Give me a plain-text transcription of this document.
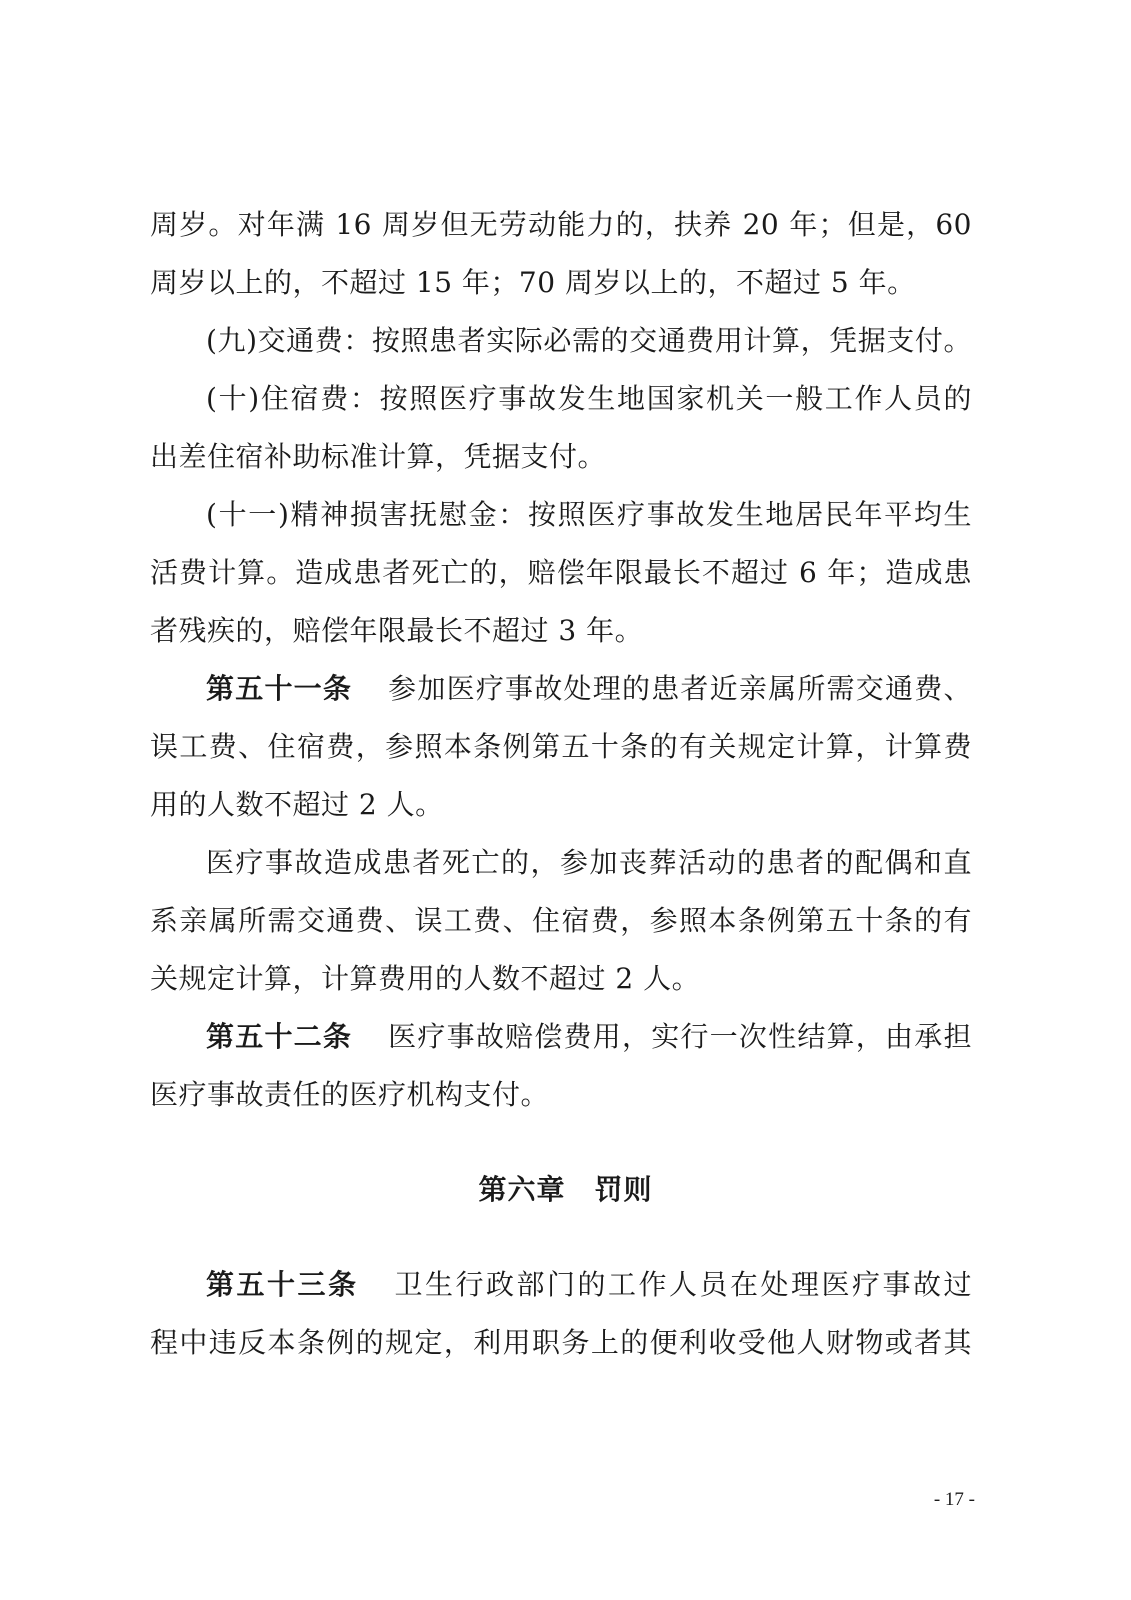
周岁。对年满 16 周岁但无劳动能力的，扶养 20 年；但是，60
周岁以上的，不超过 15 年；70 周岁以上的，不超过 5 年。
(九)交通费：按照患者实际必需的交通费用计算，凭据支付。
(十)住宿费：按照医疗事故发生地国家机关一般工作人员的
出差住宿补助标准计算，凭据支付。
(十一)精神损害抚慰金：按照医疗事故发生地居民年平均生
活费计算。造成患者死亡的，赔偿年限最长不超过 6 年；造成患
者残疾的，赔偿年限最长不超过 3 年。
第五十一条 参加医疗事故处理的患者近亲属所需交通费、
误工费、住宿费，参照本条例第五十条的有关规定计算，计算费
用的人数不超过 2 人。
医疗事故造成患者死亡的，参加丧葬活动的患者的配偶和直
系亲属所需交通费、误工费、住宿费，参照本条例第五十条的有
关规定计算，计算费用的人数不超过 2 人。
第五十二条 医疗事故赔偿费用，实行一次性结算，由承担
医疗事故责任的医疗机构支付。
第六章　罚则
第五十三条 卫生行政部门的工作人员在处理医疗事故过
程中违反本条例的规定，利用职务上的便利收受他人财物或者其
- 17 -
